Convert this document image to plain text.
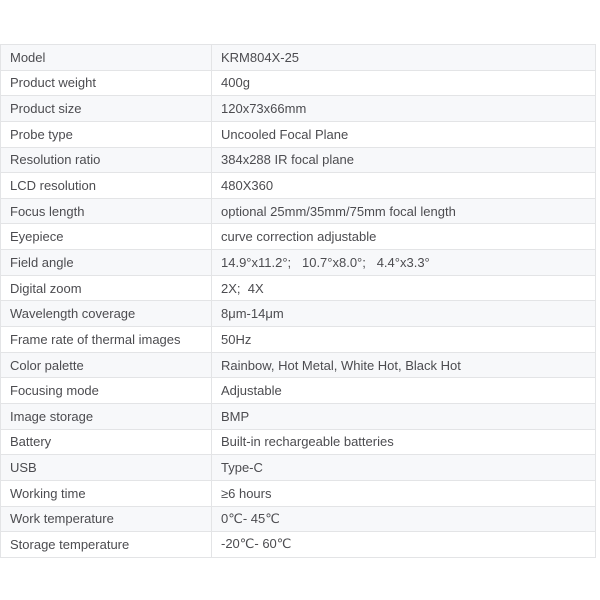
Model	KRM804X-25
Product weight	400g
Product size	120x73x66mm
Probe type	Uncooled Focal Plane
Resolution ratio	384x288 IR focal plane
LCD resolution	480X360
Focus length	optional 25mm/35mm/75mm focal length
Eyepiece	curve correction adjustable
Field angle	14.9°x11.2°;   10.7°x8.0°;   4.4°x3.3°
Digital zoom	2X;  4X
Wavelength coverage	8μm-14μm
Frame rate of thermal images	50Hz
Color palette	Rainbow, Hot Metal, White Hot, Black Hot
Focusing mode	Adjustable
Image storage	BMP
Battery	Built-in rechargeable batteries
USB	Type-C
Working time	≥6 hours
Work temperature	0℃- 45℃
Storage temperature	-20℃- 60℃
